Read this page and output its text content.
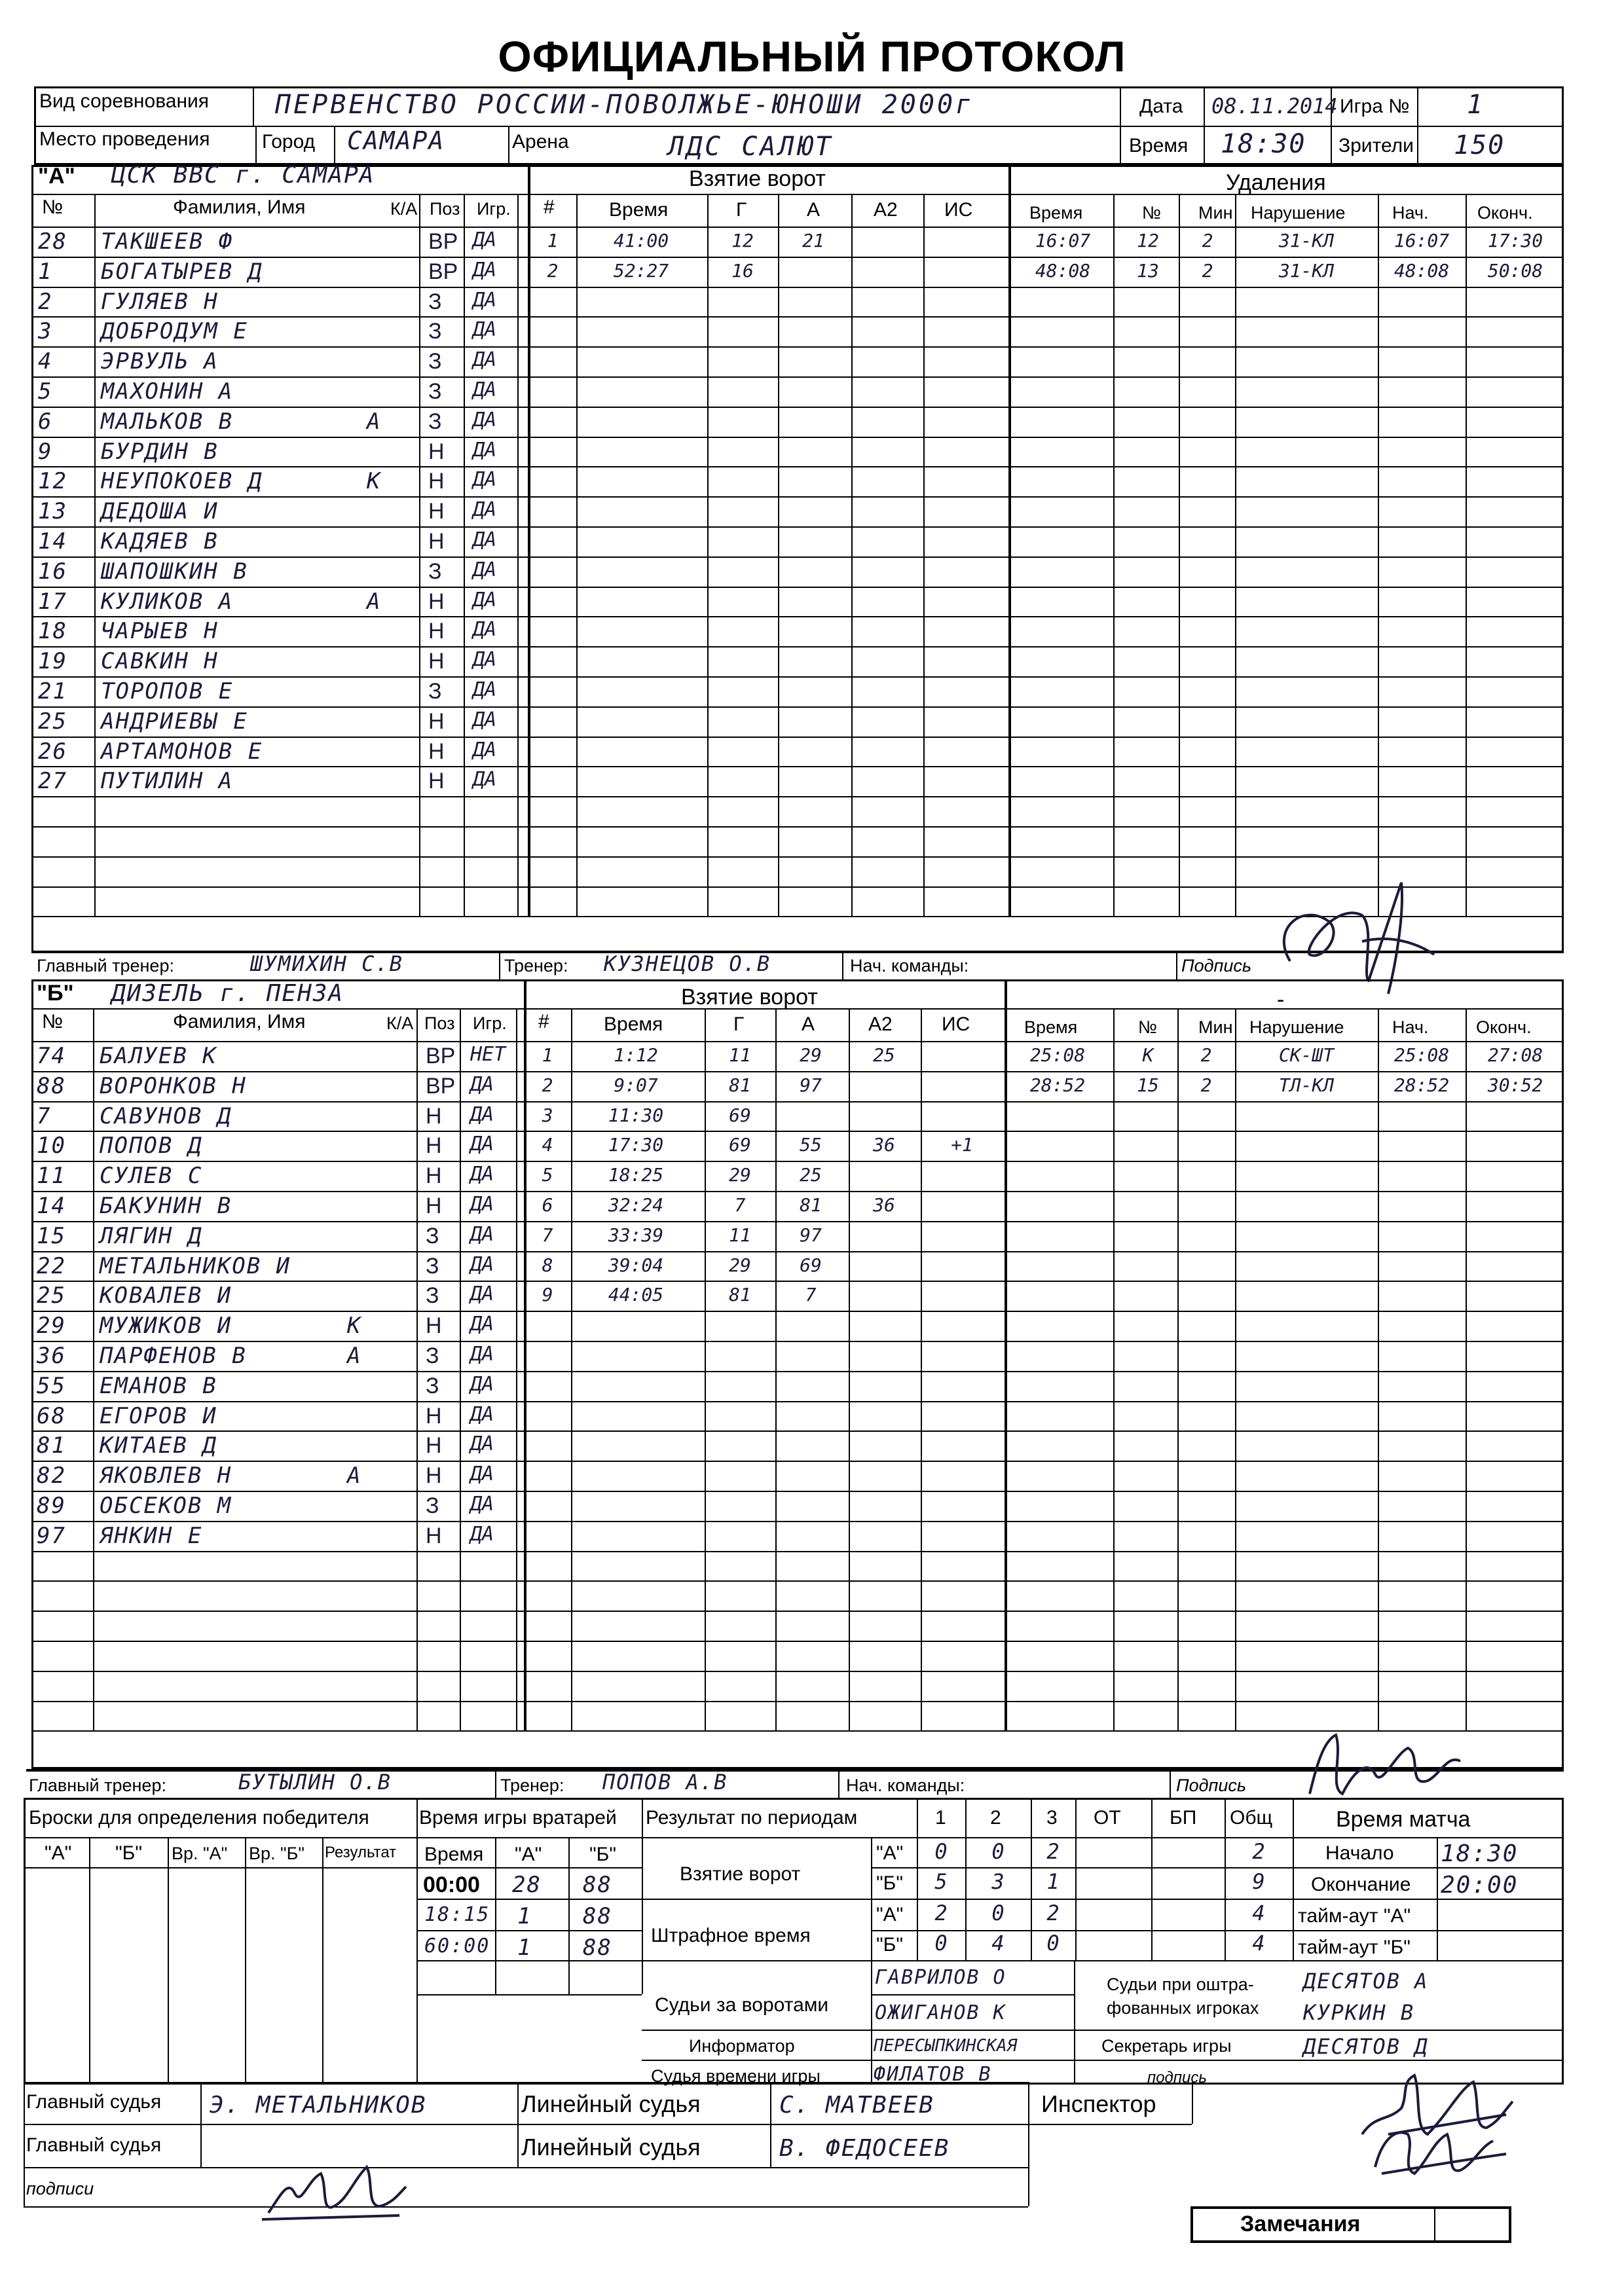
ОФИЦИАЛЬНЫЙ ПРОТОКОЛ
Вид соревнования	ПЕРВЕНСТВО РОССИИ-ПОВОЛЖЬЕ-ЮНОШИ 2000г	Дата 08.11.2014 Игра № 1
Место проведения	Город САМАРА	Арена	ЛДС САЛЮТ	Время 18:30 Зрители 150
"А" ЦСК ВВС г. САМАРА	Взятие ворот	Удаления
№	Фамилия, Имя	К/А Поз Игр. #	Время	Г	А	А2 ИС	Время	№ Мин Нарушение	Нач.	Оконч.
28 ТАКШЕЕВ Ф	ВР ДА
1 БОГАТЫРЕВ Д	ВР ДА
2 ГУЛЯЕВ Н	З ДА
3 ДОБРОДУМ Е	З ДА
4 ЭРВУЛЬ А	З ДА
5 МАХОНИН А	З ДА
6 МАЛЬКОВ В	А З ДА
9 БУРДИН В	Н ДА
12 НЕУПОКОЕВ Д	К Н ДА
13 ДЕДОША И	Н ДА
14 КАДЯЕВ В	Н ДА
16 ШАПОШКИН В	З ДА
17 КУЛИКОВ А	А Н ДА
18 ЧАРЫЕВ Н	Н ДА
19 САВКИН Н	Н ДА
21 ТОРОПОВ Е	З ДА
25 АНДРИЕВЫ Е	Н ДА
26 АРТАМОНОВ Е	Н ДА
27 ПУТИЛИН А	Н ДА
1	41:00	12	21
2	52:27	16
16:07	12	2	31-КЛ	16:07	17:30
48:08	13	2	31-КЛ	48:08	50:08
Главный тренер:	ШУМИХИН С.В	Тренер: КУЗНЕЦОВ О.В	Нач. команды:	Подпись
"Б" ДИЗЕЛЬ г. ПЕНЗА	Взятие ворот	-
№	Фамилия, Имя	К/А Поз Игр. #	Время	Г	А	А2	ИС	Время	№ Мин Нарушение	Нач.	Оконч.
74 БАЛУЕВ К	ВР НЕТ
88 ВОРОНКОВ Н	ВР ДА
7 САВУНОВ Д	Н ДА
10 ПОПОВ Д	Н ДА
11 СУЛЕВ С	Н ДА
14 БАКУНИН В	Н ДА
15 ЛЯГИН Д	З ДА
22 МЕТАЛЬНИКОВ И	З ДА
25 КОВАЛЕВ И	З ДА
29 МУЖИКОВ И	К	Н ДА
36 ПАРФЕНОВ В	А	З ДА
55 ЕМАНОВ В	З ДА
68 ЕГОРОВ И	Н ДА
81 КИТАЕВ Д	Н ДА
82 ЯКОВЛЕВ Н	А	Н ДА
89 ОБСЕКОВ М	З ДА
97 ЯНКИН Е	Н ДА
1	1:12	11	29	25
2	9:07	81	97
3	11:30	69
4	17:30	69	55	36	+1
5	18:25	29	25
6	32:24	7	81	36
7	33:39	11	97
8	39:04	29	69
9	44:05	81	7
25:08	К	2	СК-ШТ	25:08	27:08
28:52	15	2	ТЛ-КЛ	28:52	30:52
Главный тренер:	БУТЫЛИН О.В	Тренер: ПОПОВ А.В	Нач. команды:	Подпись
Броски для определения победителя
"А" "Б" Вр. "А" Вр. "Б" Результат
Время игры вратарей
Время "А" "Б"
00:00 28 88
18:15 1 88
60:00 1 88
Результат по периодам	1 2 3 ОТ БП Общ
Взятие ворот
Штрафное время
"А"
"Б"
"А"
"Б"
0	0	2	2
5	3	1	9
2	0	2	4
0	4	0	4
Время матча
Начало 18:30
Окончание 20:00
тайм-аут "А"
тайм-аут "Б"
Судьи за воротами
ГАВРИЛОВ О
ОЖИГАНОВ К
Судьи при оштра-
фованных игроках
ДЕСЯТОВ А
КУРКИН В
Информатор	ПЕРЕСЫПКИНСКАЯ	Секретарь игры	ДЕСЯТОВ Д
Судья времени игры	ФИЛАТОВ В	подпись
Главный судья Э. МЕТАЛЬНИКОВ
Главный судья
Линейный судья	С. МАТВЕЕВ
Линейный судья	В. ФЕДОСЕЕВ
Инспектор
подписи
Замечания
